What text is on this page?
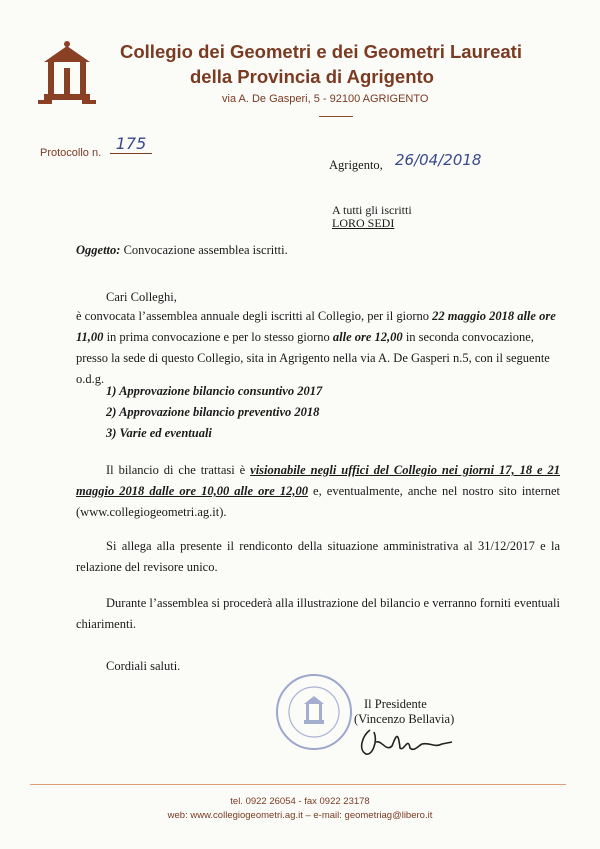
Collegio dei Geometri e dei Geometri Laureati
della Provincia di Agrigento
via A. De Gasperi, 5 - 92100 AGRIGENTO
Protocollo n. 175
Agrigento, 26/04/2018
A tutti gli iscritti
LORO SEDI
Oggetto: Convocazione assemblea iscritti.
Cari Colleghi,
è convocata l’assemblea annuale degli iscritti al Collegio, per il giorno 22 maggio 2018 alle ore 11,00 in prima convocazione e per lo stesso giorno alle ore 12,00 in seconda convocazione, presso la sede di questo Collegio, sita in Agrigento nella via A. De Gasperi n.5, con il seguente o.d.g.
1) Approvazione bilancio consuntivo 2017
2) Approvazione bilancio preventivo 2018
3) Varie ed eventuali
Il bilancio di che trattasi è visionabile negli uffici del Collegio nei giorni 17, 18 e 21 maggio 2018 dalle ore 10,00 alle ore 12,00 e, eventualmente, anche nel nostro sito internet (www.collegiogeometri.ag.it).
Si allega alla presente il rendiconto della situazione amministrativa al 31/12/2017 e la relazione del revisore unico.
Durante l’assemblea si procederà alla illustrazione del bilancio e verranno forniti eventuali chiarimenti.
Cordiali saluti.
Il Presidente
(Vincenzo Bellavia)
tel. 0922 26054 - fax 0922 23178
web: www.collegiogeometri.ag.it – e-mail: geometriag@libero.it
